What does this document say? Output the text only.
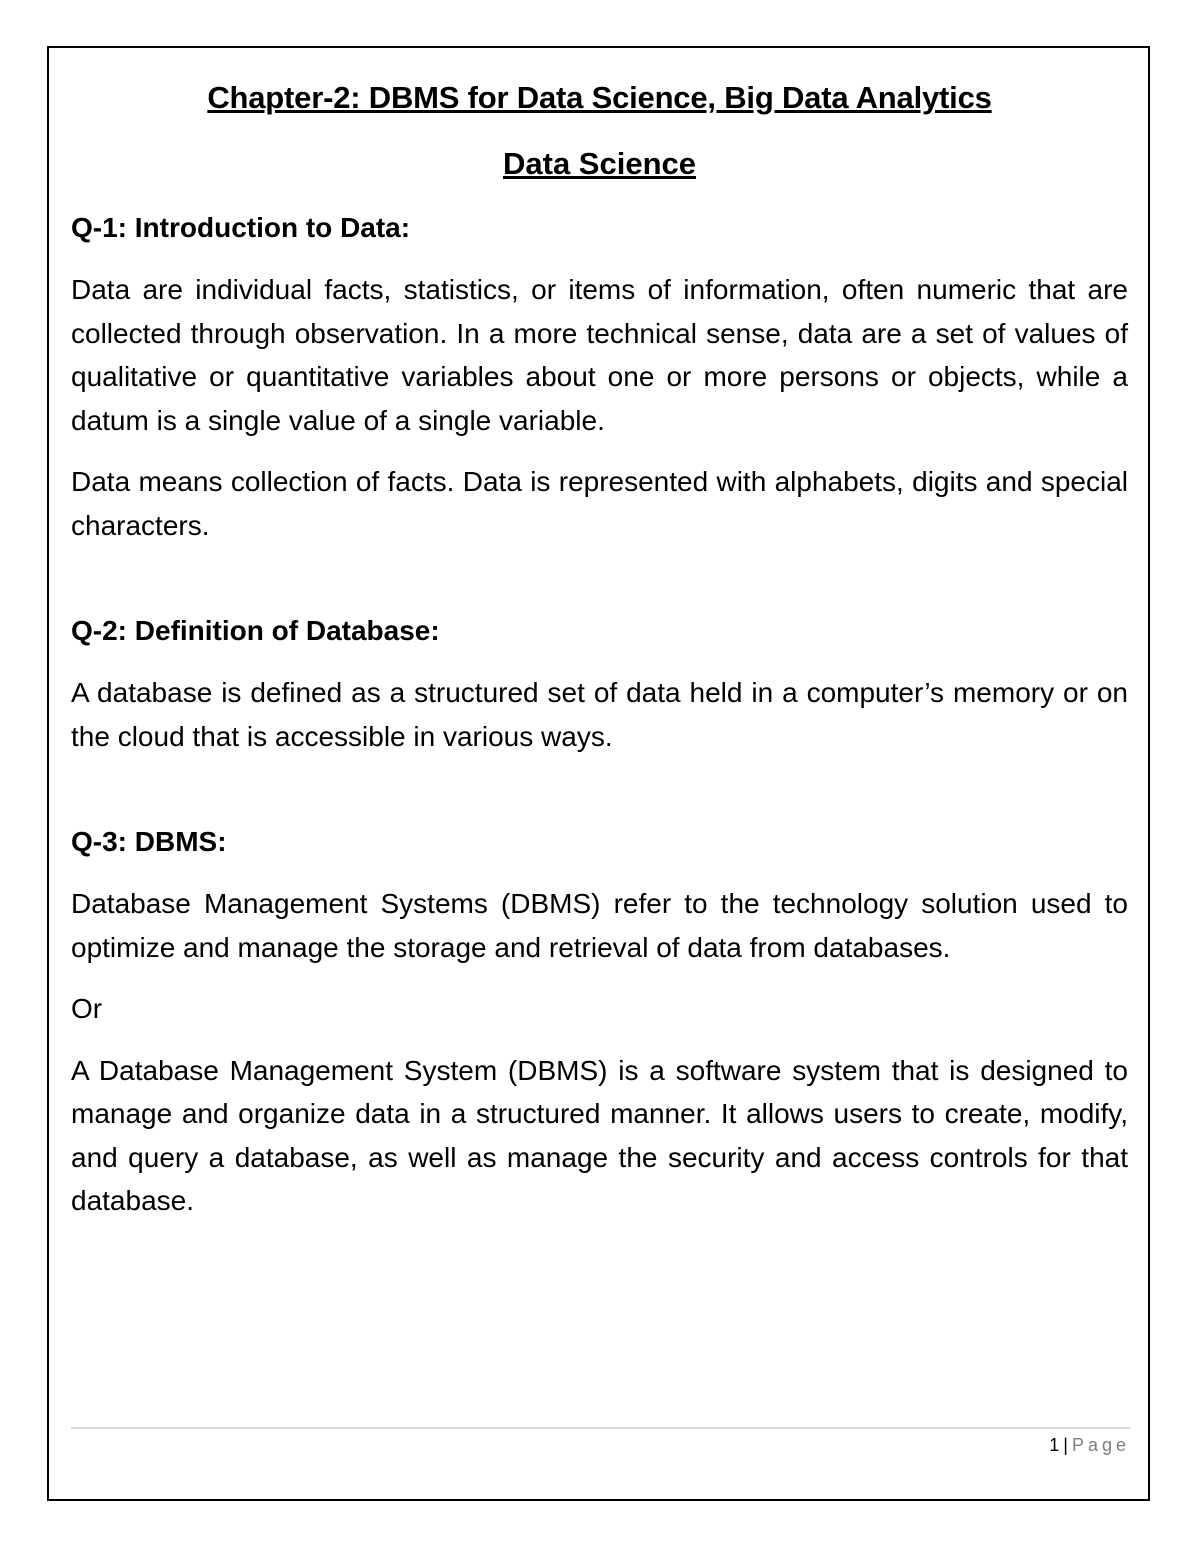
Chapter-2: DBMS for Data Science, Big Data Analytics
Data Science
Q-1: Introduction to Data:

Data are individual facts, statistics, or items of information, often numeric that are collected through observation. In a more technical sense, data are a set of values of qualitative or quantitative variables about one or more persons or objects, while a datum is a single value of a single variable.

Data means collection of facts. Data is represented with alphabets, digits and special characters.

Q-2: Definition of Database:

A database is defined as a structured set of data held in a computer’s memory or on the cloud that is accessible in various ways.

Q-3: DBMS:

Database Management Systems (DBMS) refer to the technology solution used to optimize and manage the storage and retrieval of data from databases.

Or

A Database Management System (DBMS) is a software system that is designed to manage and organize data in a structured manner. It allows users to create, modify, and query a database, as well as manage the security and access controls for that database.

1 | Page
